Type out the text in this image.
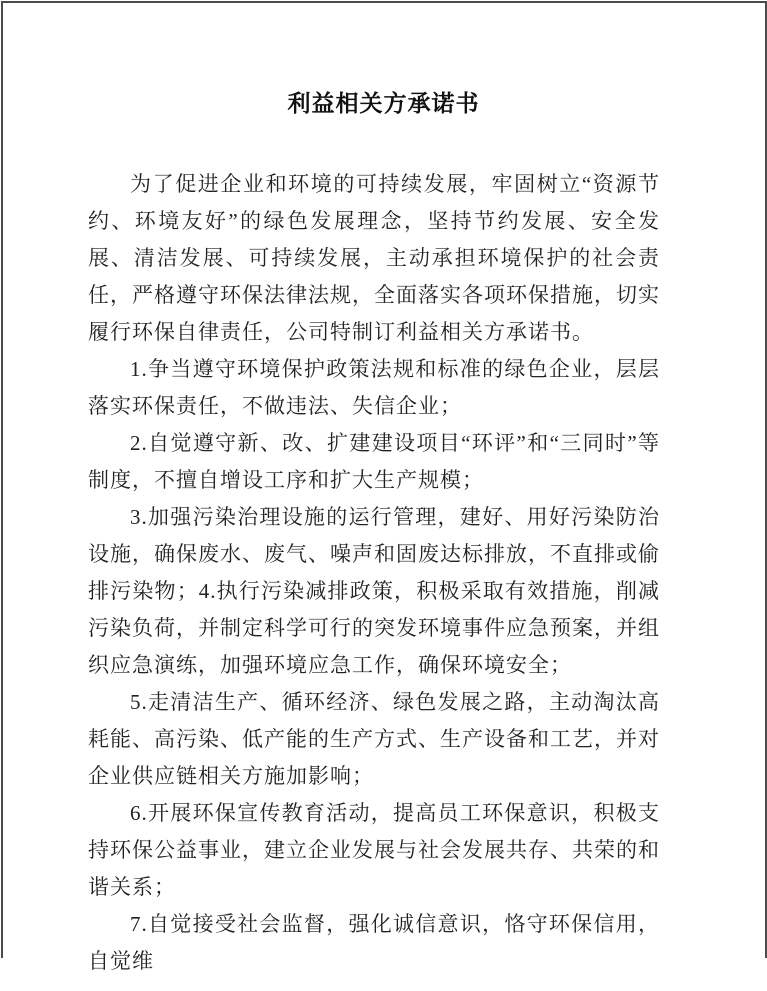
利益相关方承诺书

为了促进企业和环境的可持续发展，牢固树立“资源节约、环境友好”的绿色发展理念，坚持节约发展、安全发展、清洁发展、可持续发展，主动承担环境保护的社会责任，严格遵守环保法律法规，全面落实各项环保措施，切实履行环保自律责任，公司特制订利益相关方承诺书。

1.争当遵守环境保护政策法规和标准的绿色企业，层层落实环保责任，不做违法、失信企业；

2.自觉遵守新、改、扩建建设项目“环评”和“三同时”等制度，不擅自增设工序和扩大生产规模；

3.加强污染治理设施的运行管理，建好、用好污染防治设施，确保废水、废气、噪声和固废达标排放，不直排或偷排污染物；4.执行污染减排政策，积极采取有效措施，削减污染负荷，并制定科学可行的突发环境事件应急预案，并组织应急演练，加强环境应急工作，确保环境安全；

5.走清洁生产、循环经济、绿色发展之路，主动淘汰高耗能、高污染、低产能的生产方式、生产设备和工艺，并对企业供应链相关方施加影响；

6.开展环保宣传教育活动，提高员工环保意识，积极支持环保公益事业，建立企业发展与社会发展共存、共荣的和谐关系；

7.自觉接受社会监督，强化诚信意识，恪守环保信用，自觉维
